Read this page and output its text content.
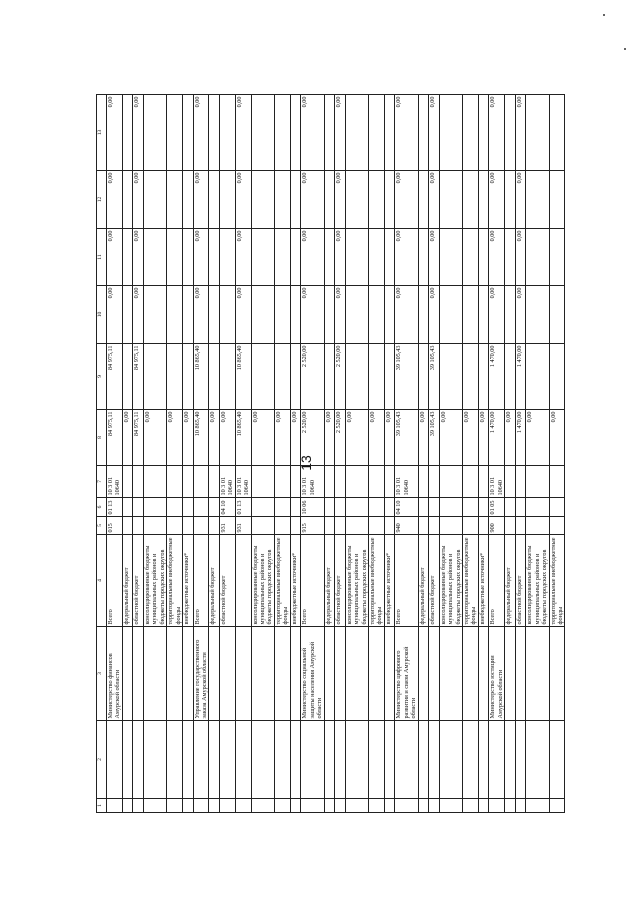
13
1	2	3	4	5	6	7	8	9	10	11	12	13
		Министерство финансов Амурской области	Всего	015	01 13	10 3 01 10640	84 975,11	84 975,11	0,00	0,00	0,00	0,00
			федеральный бюджет				0,00					
			областной бюджет				84 975,11	84 975,11	0,00	0,00	0,00	0,00
			консолидированные бюджеты муниципальных районов и бюджеты городских округов				0,00					
			территориальные внебюджетные фонды				0,00					
			внебюджетные источники*				0,00					
		Управление государственного заказа Амурской области	Всего				10 865,40	10 865,40	0,00	0,00	0,00	0,00
			федеральный бюджет				0,00					
			областной бюджет	931	04 10	10 3 01 10640	0,00					
				931	01 13	10 3 01 10640	10 865,40	10 865,40	0,00	0,00	0,00	0,00
			консолидированные бюджеты муниципальных районов и бюджеты городских округов				0,00					
			территориальные внебюджетные фонды				0,00					
			внебюджетные источники*				0,00					
		Министерство социальной защиты населения Амурской области	Всего	915	10 06	10 3 01 10640	2 520,00	2 520,00	0,00	0,00	0,00	0,00
			федеральный бюджет				0,00					
			областной бюджет				2 520,00	2 520,00	0,00	0,00	0,00	0,00
			консолидированные бюджеты муниципальных районов и бюджеты городских округов				0,00					
			территориальные внебюджетные фонды				0,00					
			внебюджетные источники*				0,00					
		Министерство цифрового развития и связи Амурской области	Всего	940	04 10	10 3 01 10640	39 105,43	39 105,43	0,00	0,00	0,00	0,00
			федеральный бюджет				0,00					
			областной бюджет				39 105,43	39 105,43	0,00	0,00	0,00	0,00
			консолидированные бюджеты муниципальных районов и бюджеты городских округов				0,00					
			территориальные внебюджетные фонды				0,00					
			внебюджетные источники*				0,00					
		Министерство юстиции Амурской области	Всего	900	01 05	10 3 01 10640	1 470,00	1 470,00	0,00	0,00	0,00	0,00
			федеральный бюджет				0,00					
			областной бюджет				1 470,00	1 470,00	0,00	0,00	0,00	0,00
			консолидированные бюджеты муниципальных районов и бюджеты городских округов				0,00					
			территориальные внебюджетные фонды				0,00					
